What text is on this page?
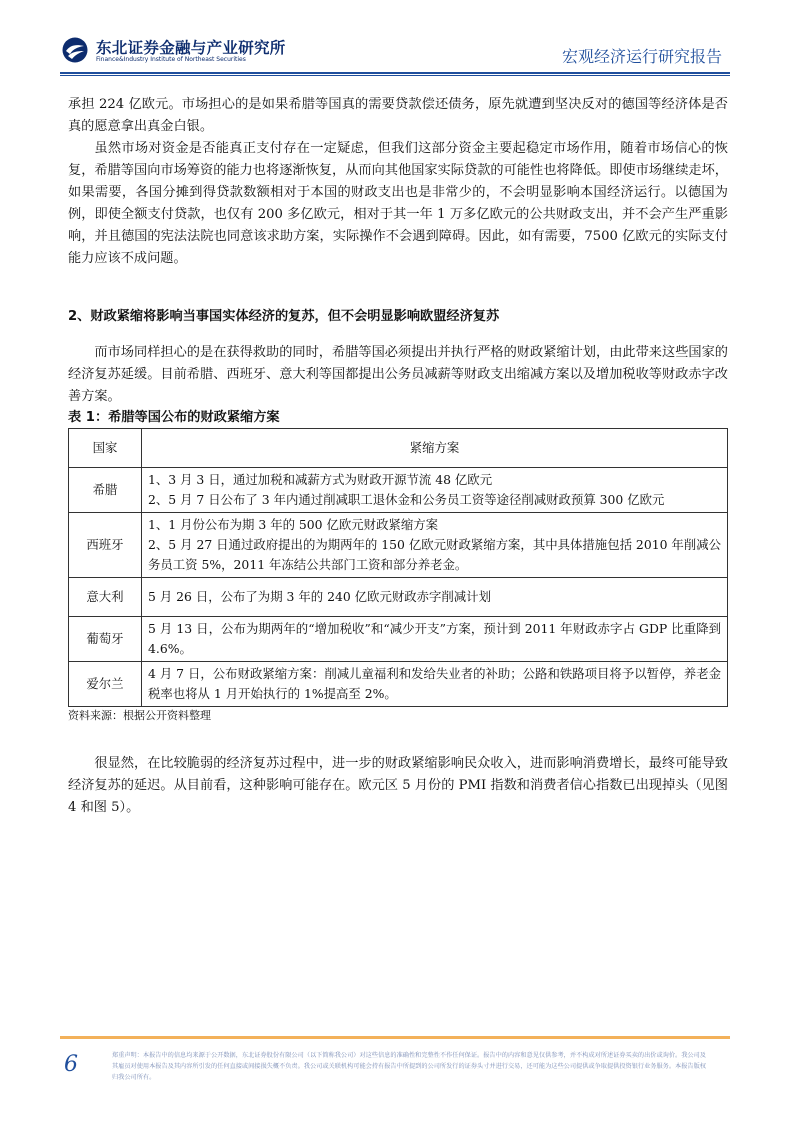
东北证券金融与产业研究所
Finance&Industry Institute of Northeast Securities	宏观经济运行研究报告

承担 224 亿欧元。市场担心的是如果希腊等国真的需要贷款偿还债务，原先就遭到坚决反对的德国等经济体是否真的愿意拿出真金白银。

虽然市场对资金是否能真正支付存在一定疑虑，但我们这部分资金主要起稳定市场作用，随着市场信心的恢复，希腊等国向市场筹资的能力也将逐渐恢复，从而向其他国家实际贷款的可能性也将降低。即使市场继续走坏，如果需要，各国分摊到得贷款数额相对于本国的财政支出也是非常少的，不会明显影响本国经济运行。以德国为例，即使全额支付贷款，也仅有 200 多亿欧元，相对于其一年 1 万多亿欧元的公共财政支出，并不会产生严重影响，并且德国的宪法法院也同意该求助方案，实际操作不会遇到障碍。因此，如有需要，7500 亿欧元的实际支付能力应该不成问题。

2、财政紧缩将影响当事国实体经济的复苏，但不会明显影响欧盟经济复苏

而市场同样担心的是在获得救助的同时，希腊等国必须提出并执行严格的财政紧缩计划，由此带来这些国家的经济复苏延缓。目前希腊、西班牙、意大利等国都提出公务员减薪等财政支出缩减方案以及增加税收等财政赤字改善方案。

表 1：希腊等国公布的财政紧缩方案

国家	紧缩方案
希腊	1、3 月 3 日，通过加税和减薪方式为财政开源节流 48 亿欧元
2、5 月 7 日公布了 3 年内通过削减职工退休金和公务员工资等途径削减财政预算 300 亿欧元

西班牙	1、1 月份公布为期 3 年的 500 亿欧元财政紧缩方案
2、5 月 27 日通过政府提出的为期两年的 150 亿欧元财政紧缩方案，其中具体措施包括 2010 年削减公务员工资 5%，2011 年冻结公共部门工资和部分养老金。

意大利	5 月 26 日，公布了为期 3 年的 240 亿欧元财政赤字削减计划

葡萄牙	5 月 13 日，公布为期两年的“增加税收”和“减少开支”方案，预计到 2011 年财政赤字占 GDP 比重降到 4.6%。

爱尔兰	4 月 7 日，公布财政紧缩方案：削减儿童福利和发给失业者的补助；公路和铁路项目将予以暂停，养老金税率也将从 1 月开始执行的 1%提高至 2%。

资料来源：根据公开资料整理

很显然，在比较脆弱的经济复苏过程中，进一步的财政紧缩影响民众收入，进而影响消费增长，最终可能导致经济复苏的延迟。从目前看，这种影响可能存在。欧元区 5 月份的 PMI 指数和消费者信心指数已出现掉头（见图 4 和图 5）。

6	郑重声明：本报告中的信息均来源于公开数据，东北证券股份有限公司（以下简称我公司）对这些信息的准确性和完整性不作任何保证。报告中的内容和意见仅供参考，并不构成对所述证券买卖的出价或询价。我公司及其雇员对使用本报告及其内容所引发的任何直接或间接损失概不负责。我公司或关联机构可能会持有报告中所提到的公司所发行的证券头寸并进行交易，还可能为这些公司提供或争取提供投资银行业务服务。本报告版权归我公司所有。
